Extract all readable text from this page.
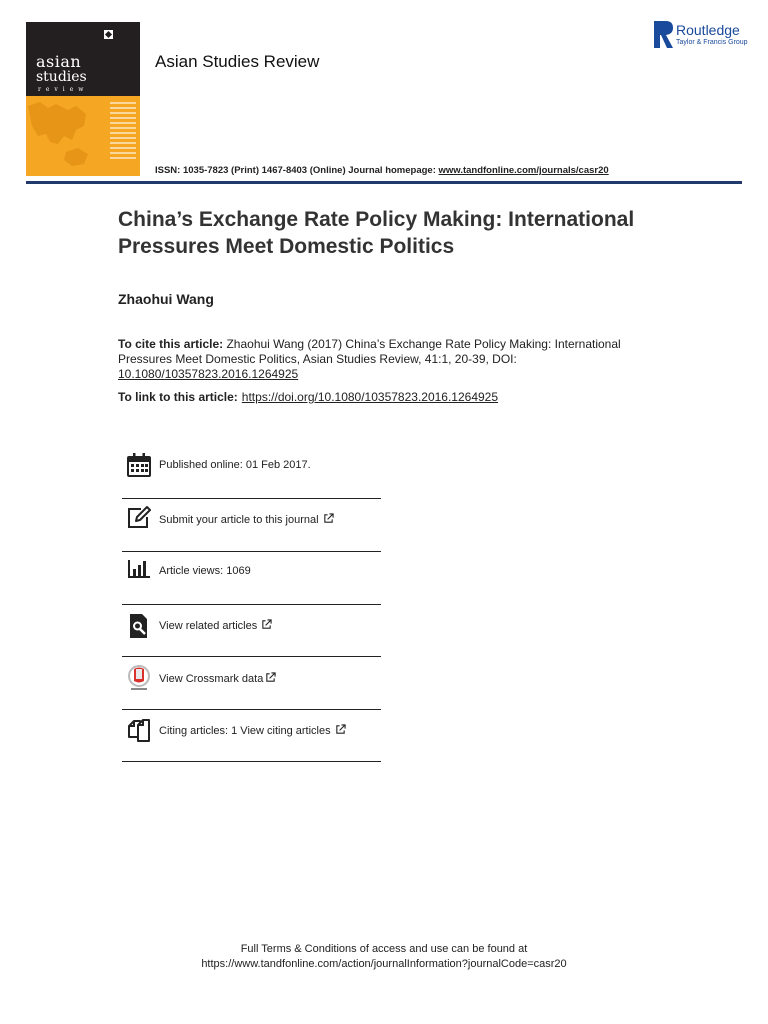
asian
studies
review
Asian Studies Review
Routledge
Taylor & Francis Group
ISSN: 1035-7823 (Print) 1467-8403 (Online) Journal homepage: www.tandfonline.com/journals/casr20
China’s Exchange Rate Policy Making: International
Pressures Meet Domestic Politics
Zhaohui Wang
To cite this article: Zhaohui Wang (2017) China’s Exchange Rate Policy Making: International Pressures Meet Domestic Politics, Asian Studies Review, 41:1, 20-39, DOI: 10.1080/10357823.2016.1264925
To link to this article: https://doi.org/10.1080/10357823.2016.1264925
Published online: 01 Feb 2017.
Submit your article to this journal
Article views: 1069
View related articles
View Crossmark data
Citing articles: 1 View citing articles
Full Terms & Conditions of access and use can be found at
https://www.tandfonline.com/action/journalInformation?journalCode=casr20
